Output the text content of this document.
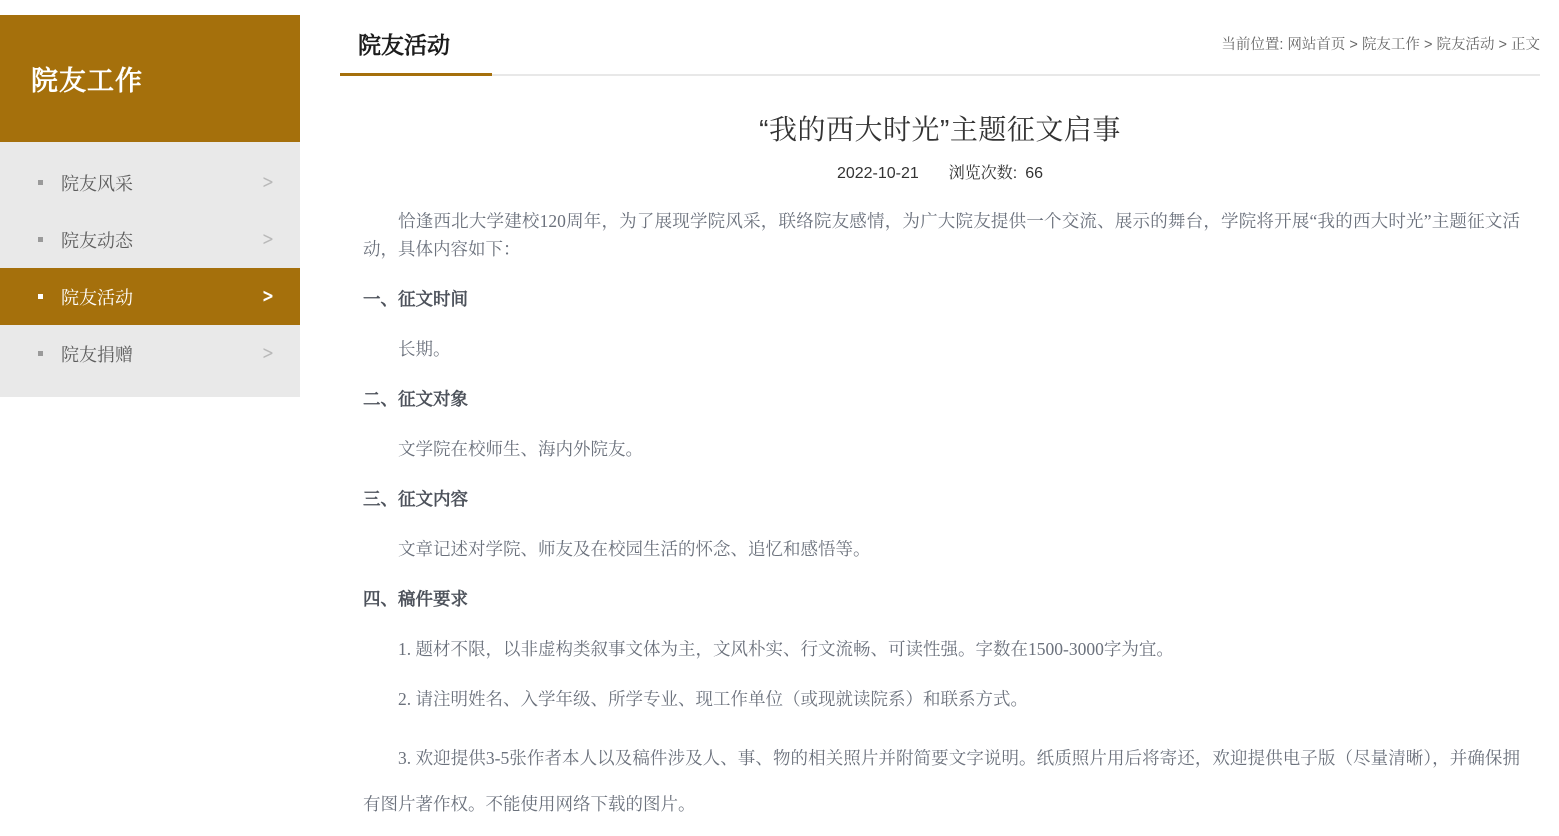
院友工作
院友风采	>
院友动态	>
院友活动	>
院友捐赠	>
院友活动	当前位置: 网站首页 > 院友工作 > 院友活动 > 正文
“我的西大时光”主题征文启事
2022-10-21 浏览次数: 66

恰逢西北大学建校120周年，为了展现学院风采，联络院友感情，为广大院友提供一个交流、展示的舞台，学院将开展“我的西大时光”主题征文活动，具体内容如下：

一、征文时间

长期。

二、征文对象

文学院在校师生、海内外院友。

三、征文内容

文章记述对学院、师友及在校园生活的怀念、追忆和感悟等。

四、稿件要求

1. 题材不限，以非虚构类叙事文体为主，文风朴实、行文流畅、可读性强。字数在1500-3000字为宜。

2. 请注明姓名、入学年级、所学专业、现工作单位（或现就读院系）和联系方式。

3. 欢迎提供3-5张作者本人以及稿件涉及人、事、物的相关照片并附简要文字说明。纸质照片用后将寄还，欢迎提供电子版（尽量清晰），并确保拥有图片著作权。不能使用网络下载的图片。
